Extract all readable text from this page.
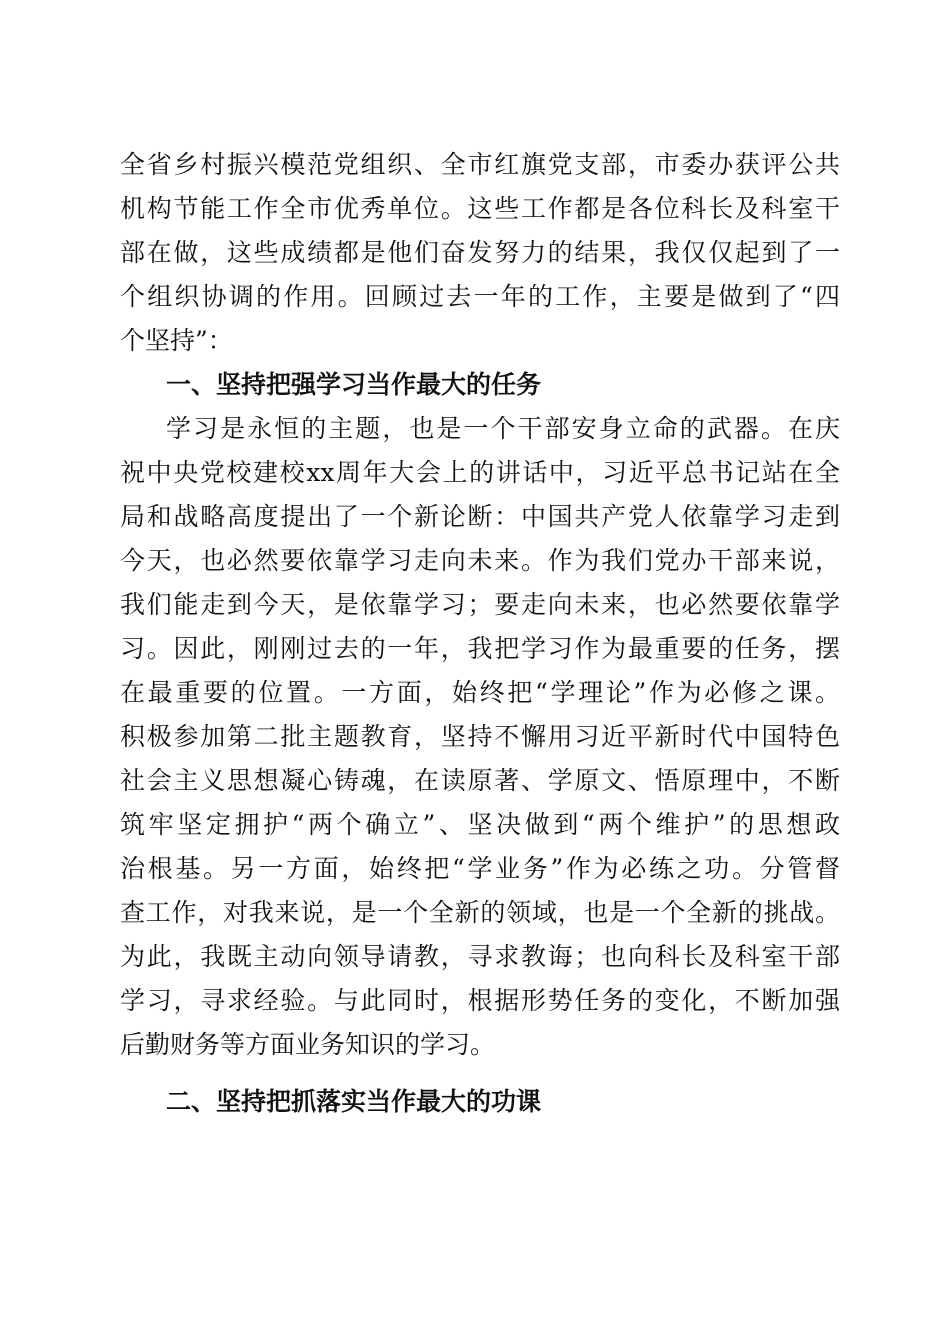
全省乡村振兴模范党组织、全市红旗党支部，市委办获评公共
机构节能工作全市优秀单位。这些工作都是各位科长及科室干
部在做，这些成绩都是他们奋发努力的结果，我仅仅起到了一
个组织协调的作用。回顾过去一年的工作，主要是做到了“四
个坚持”：
一、坚持把强学习当作最大的任务
学习是永恒的主题，也是一个干部安身立命的武器。在庆
祝中央党校建校xx周年大会上的讲话中，习近平总书记站在全
局和战略高度提出了一个新论断：中国共产党人依靠学习走到
今天，也必然要依靠学习走向未来。作为我们党办干部来说，
我们能走到今天，是依靠学习；要走向未来，也必然要依靠学
习。因此，刚刚过去的一年，我把学习作为最重要的任务，摆
在最重要的位置。一方面，始终把“学理论”作为必修之课。
积极参加第二批主题教育，坚持不懈用习近平新时代中国特色
社会主义思想凝心铸魂，在读原著、学原文、悟原理中，不断
筑牢坚定拥护“两个确立”、坚决做到“两个维护”的思想政
治根基。另一方面，始终把“学业务”作为必练之功。分管督
查工作，对我来说，是一个全新的领域，也是一个全新的挑战。
为此，我既主动向领导请教，寻求教诲；也向科长及科室干部
学习，寻求经验。与此同时，根据形势任务的变化，不断加强
后勤财务等方面业务知识的学习。
二、坚持把抓落实当作最大的功课
